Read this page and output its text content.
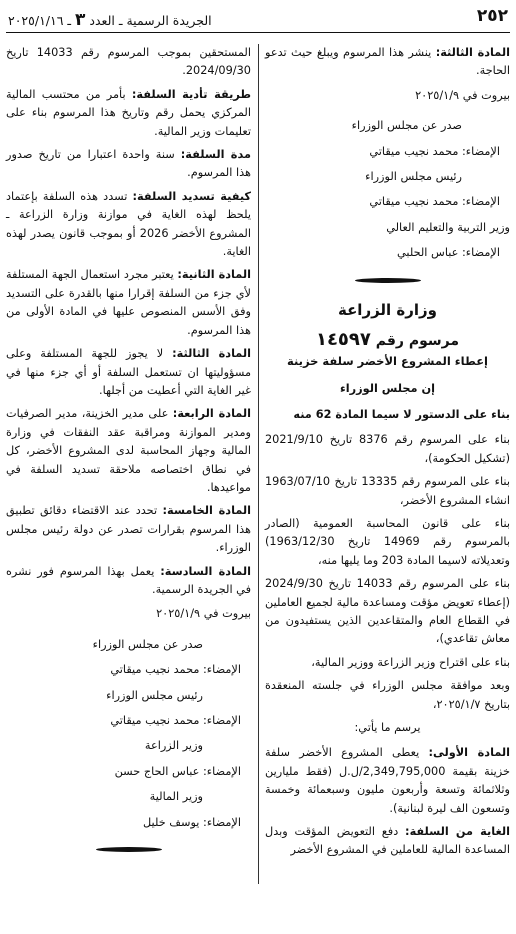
٢٥٢
الجريدة الرسمية ـ العدد ٣ ـ ٢٠٢٥/١/١٦

المادة الثالثة: ينشر هذا المرسوم ويبلغ حيث تدعو الحاجة.

بيروت في ٢٠٢٥/١/٩
صدر عن مجلس الوزراء
الإمضاء: محمد نجيب ميقاتي
رئيس مجلس الوزراء
الإمضاء: محمد نجيب ميقاتي
وزير التربية والتعليم العالي
الإمضاء: عباس الحلبي
وزارة الزراعة
مرسوم رقم ١٤٥٩٧
إعطاء المشروع الأخضر سلفة خزينة
إن مجلس الوزراء
بناء على الدستور لا سيما المادة 62 منه

بناء على المرسوم رقم 8376 تاريخ 2021/9/10 (تشكيل الحكومة)،

بناء على المرسوم رقم 13335 تاريخ 1963/07/10 انشاء المشروع الأخضر،

بناء على قانون المحاسبة العمومية (الصادر بالمرسوم رقم 14969 تاريخ 1963/12/30) وتعديلاته لاسيما المادة 203 وما يليها منه،

بناء على المرسوم رقم 14033 تاريخ 2024/9/30 (إعطاء تعويض مؤقت ومساعدة مالية لجميع العاملين في القطاع العام والمتقاعدين الذين يستفيدون من معاش تقاعدي)،

بناء على اقتراح وزير الزراعة ووزير المالية،

وبعد موافقة مجلس الوزراء في جلسته المنعقدة بتاريخ ٢٠٢٥/١/٧،

يرسم ما يأتي:

المادة الأولى: يعطى المشروع الأخضر سلفة خزينة بقيمة 2,349,795,000/ل.ل (فقط مليارين وثلاثمائة وتسعة وأربعون مليون وسبعمائة وخمسة وتسعون الف ليرة لبنانية).

الغاية من السلفة: دفع التعويض المؤقت وبدل المساعدة المالية للعاملين في المشروع الأخضر

المستحقين بموجب المرسوم رقم 14033 تاريخ 2024/09/30.

طريقة تأدية السلفة: بأمر من محتسب المالية المركزي يحمل رقم وتاريخ هذا المرسوم بناء على تعليمات وزير المالية.

مدة السلفة: سنة واحدة اعتبارا من تاريخ صدور هذا المرسوم.

كيفية تسديد السلفة: تسدد هذه السلفة بإعتماد يلحظ لهذه الغاية في موازنة وزارة الزراعة ـ المشروع الأخضر 2026 أو بموجب قانون يصدر لهذه الغاية.

المادة الثانية: يعتبر مجرد استعمال الجهة المستلفة لأي جزء من السلفة إقرارا منها بالقدرة على التسديد وفق الأسس المنصوص عليها في المادة الأولى من هذا المرسوم.

المادة الثالثة: لا يجوز للجهة المستلفة وعلى مسؤوليتها ان تستعمل السلفة أو أي جزء منها في غير الغاية التي أعطيت من أجلها.

المادة الرابعة: على مدير الخزينة، مدير الصرفيات ومدير الموازنة ومراقبة عقد النفقات في وزارة المالية وجهاز المحاسبة لدى المشروع الأخضر، كل في نطاق اختصاصه ملاحقة تسديد السلفة في مواعيدها.

المادة الخامسة: تحدد عند الاقتضاء دقائق تطبيق هذا المرسوم بقرارات تصدر عن دولة رئيس مجلس الوزراء.

المادة السادسة: يعمل بهذا المرسوم فور نشره في الجريدة الرسمية.

بيروت في ٢٠٢٥/١/٩
صدر عن مجلس الوزراء
الإمضاء: محمد نجيب ميقاتي
رئيس مجلس الوزراء
الإمضاء: محمد نجيب ميقاتي
وزير الزراعة
الإمضاء: عباس الحاج حسن
وزير المالية
الإمضاء: يوسف خليل
